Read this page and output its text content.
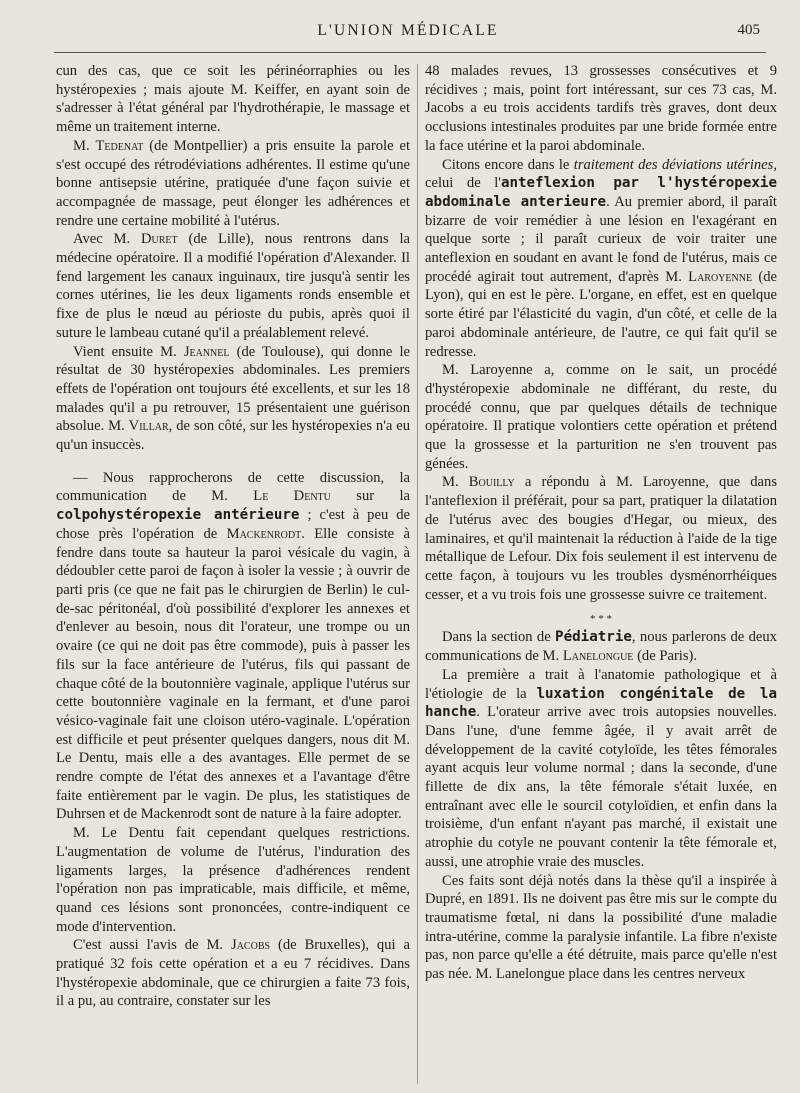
L'UNION MÉDICALE	405

cun des cas, que ce soit les périnéorraphies ou les hystéropexies ; mais ajoute M. Keiffer, en ayant soin de s'adresser à l'état général par l'hydrothérapie, le massage et même un traitement interne.

M. Tedenat (de Montpellier) a pris ensuite la parole et s'est occupé des rétrodéviations adhérentes. Il estime qu'une bonne antisepsie utérine, pratiquée d'une façon suivie et accompagnée de massage, peut élonger les adhérences et rendre une certaine mobilité à l'utérus.

Avec M. Duret (de Lille), nous rentrons dans la médecine opératoire. Il a modifié l'opération d'Alexander. Il fend largement les canaux inguinaux, tire jusqu'à sentir les cornes utérines, lie les deux ligaments ronds ensemble et fixe de plus le nœud au périoste du pubis, après quoi il suture le lambeau cutané qu'il a préalablement relevé.

Vient ensuite M. Jeannel (de Toulouse), qui donne le résultat de 30 hystéropexies abdominales. Les premiers effets de l'opération ont toujours été excellents, et sur les 18 malades qu'il a pu retrouver, 15 présentaient une guérison absolue. M. Villar, de son côté, sur les hystéropexies n'a eu qu'un insuccès.

— Nous rapprocherons de cette discussion, la communication de M. Le Dentu sur la colpohystéropexie antérieure ; c'est à peu de chose près l'opération de Mackenrodt. Elle consiste à fendre dans toute sa hauteur la paroi vésicale du vagin, à dédoubler cette paroi de façon à isoler la vessie ; à ouvrir de parti pris (ce que ne fait pas le chirurgien de Berlin) le cul-de-sac péritonéal, d'où possibilité d'explorer les annexes et d'enlever au besoin, nous dit l'orateur, une trompe ou un ovaire (ce qui ne doit pas être commode), puis à passer les fils sur la face antérieure de l'utérus, fils qui passant de chaque côté de la boutonnière vaginale, applique l'utérus sur cette boutonnière vaginale en la fermant, et d'une paroi vésico-vaginale fait une cloison utéro-vaginale. L'opération est difficile et peut présenter quelques dangers, nous dit M. Le Dentu, mais elle a des avantages. Elle permet de se rendre compte de l'état des annexes et a l'avantage d'être faite entièrement par le vagin. De plus, les statistiques de Duhrsen et de Mackenrodt sont de nature à la faire adopter.

M. Le Dentu fait cependant quelques restrictions. L'augmentation de volume de l'utérus, l'induration des ligaments larges, la présence d'adhérences rendent l'opération non pas impraticable, mais difficile, et même, quand ces lésions sont prononcées, contre-indiquent ce mode d'intervention.

C'est aussi l'avis de M. Jacobs (de Bruxelles), qui a pratiqué 32 fois cette opération et a eu 7 récidives. Dans l'hystéropexie abdominale, que ce chirurgien a faite 73 fois, il a pu, au contraire, constater sur les

48 malades revues, 13 grossesses consécutives et 9 récidives ; mais, point fort intéressant, sur ces 73 cas, M. Jacobs a eu trois accidents tardifs très graves, dont deux occlusions intestinales produites par une bride formée entre la face utérine et la paroi abdominale.

Citons encore dans le traitement des déviations utérines, celui de l'anteflexion par l'hystéropexie abdominale anterieure. Au premier abord, il paraît bizarre de voir remédier à une lésion en l'exagérant en quelque sorte ; il paraît curieux de voir traiter une anteflexion en soudant en avant le fond de l'utérus, mais ce procédé agirait tout autrement, d'après M. Laroyenne (de Lyon), qui en est le père. L'organe, en effet, est en quelque sorte étiré par l'élasticité du vagin, d'un côté, et celle de la paroi abdominale antérieure, de l'autre, ce qui fait qu'il se redresse.

M. Laroyenne a, comme on le sait, un procédé d'hystéropexie abdominale ne différant, du reste, du procédé connu, que par quelques détails de technique opératoire. Il pratique volontiers cette opération et prétend que la grossesse et la parturition ne s'en trouvent pas génées.

M. Bouilly a répondu à M. Laroyenne, que dans l'anteflexion il préférait, pour sa part, pratiquer la dilatation de l'utérus avec des bougies d'Hegar, ou mieux, des laminaires, et qu'il maintenait la réduction à l'aide de la tige métallique de Lefour. Dix fois seulement il est intervenu de cette façon, à toujours vu les troubles dysménorrhéiques cesser, et a vu trois fois une grossesse suivre ce traitement.

* * *

Dans la section de Pédiatrie, nous parlerons de deux communications de M. Lanelongue (de Paris).

La première a trait à l'anatomie pathologique et à l'étiologie de la luxation congénitale de la hanche. L'orateur arrive avec trois autopsies nouvelles. Dans l'une, d'une femme âgée, il y avait arrêt de développement de la cavité cotyloïde, les têtes fémorales ayant acquis leur volume normal ; dans la seconde, d'une fillette de dix ans, la tête fémorale s'était luxée, en entraînant avec elle le sourcil cotyloïdien, et enfin dans la troisième, d'un enfant n'ayant pas marché, il existait une atrophie du cotyle ne pouvant contenir la tête fémorale et, aussi, une atrophie vraie des muscles.

Ces faits sont déjà notés dans la thèse qu'il a inspirée à Dupré, en 1891. Ils ne doivent pas être mis sur le compte du traumatisme fœtal, ni dans la possibilité d'une maladie intra-utérine, comme la paralysie infantile. La fibre n'existe pas, non parce qu'elle a été détruite, mais parce qu'elle n'est pas née. M. Lanelongue place dans les centres nerveux
